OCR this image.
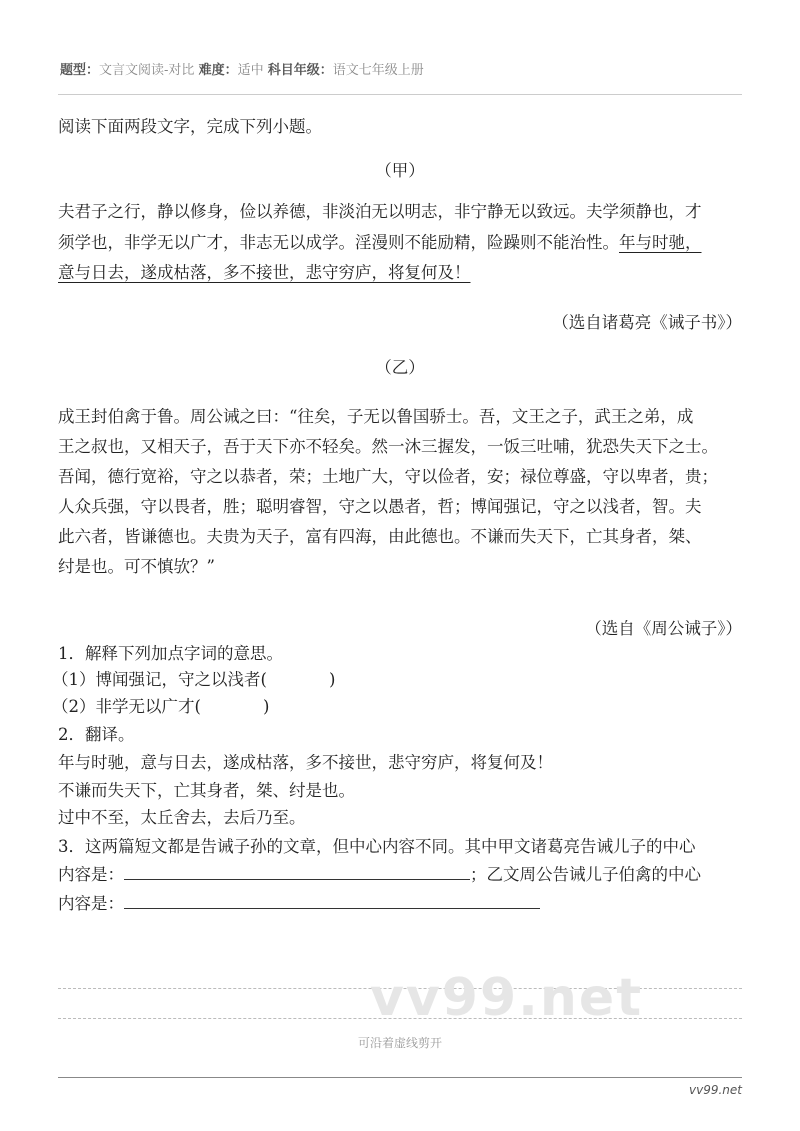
题型：文言文阅读-对比 难度：适中 科目年级：语文七年级上册
阅读下面两段文字，完成下列小题。
（甲）
夫君子之行，静以修身，俭以养德，非淡泊无以明志，非宁静无以致远。夫学须静也，才
须学也，非学无以广才，非志无以成学。淫漫则不能励精，险躁则不能治性。年与时驰，
意与日去，遂成枯落，多不接世，悲守穷庐，将复何及！
（选自诸葛亮《诫子书》）
（乙）
成王封伯禽于鲁。周公诫之曰：“往矣，子无以鲁国骄士。吾，文王之子，武王之弟，成
王之叔也，又相天子，吾于天下亦不轻矣。然一沐三握发，一饭三吐哺，犹恐失天下之士。
吾闻，德行宽裕，守之以恭者，荣；土地广大，守以俭者，安；禄位尊盛，守以卑者，贵；
人众兵强，守以畏者，胜；聪明睿智，守之以愚者，哲；博闻强记，守之以浅者，智。夫
此六者，皆谦德也。夫贵为天子，富有四海，由此德也。不谦而失天下，亡其身者，桀、
纣是也。可不慎欤？”
（选自《周公诫子》）
1．解释下列加点字词的意思。
（1）博闻强记，守之以浅者(	)
（2）非学无以广才(	)
2．翻译。
年与时驰，意与日去，遂成枯落，多不接世，悲守穷庐，将复何及！
不谦而失天下，亡其身者，桀、纣是也。
过中不至，太丘舍去，去后乃至。
3．这两篇短文都是告诫子孙的文章，但中心内容不同。其中甲文诸葛亮告诫儿子的中心
内容是：	；乙文周公告诫儿子伯禽的中心
内容是：
vv99.net
可沿着虚线剪开
vv99.net
